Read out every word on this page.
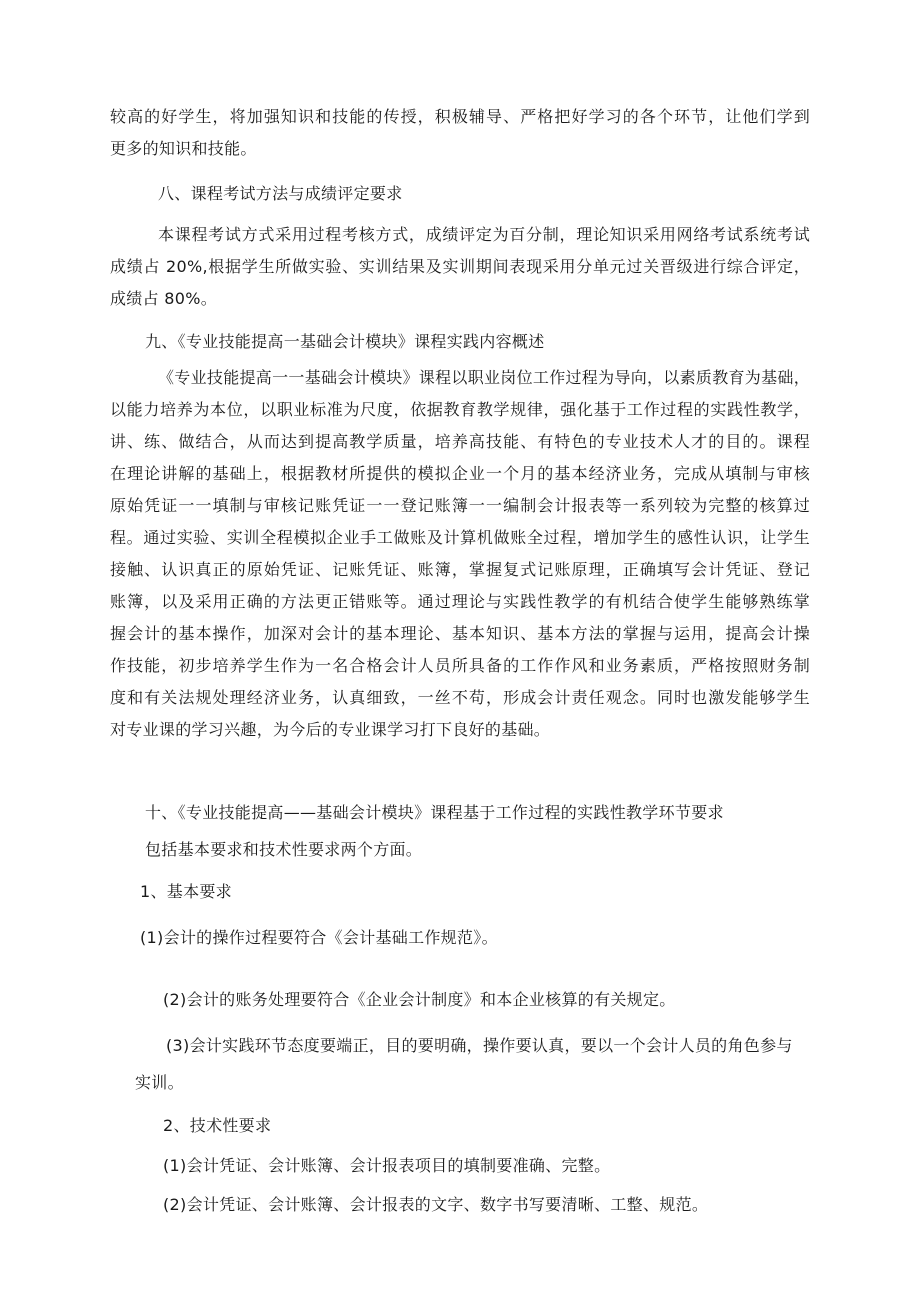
较高的好学生，将加强知识和技能的传授，积极辅导、严格把好学习的各个环节，让他们学到
更多的知识和技能。
八、课程考试方法与成绩评定要求
本课程考试方式采用过程考核方式，成绩评定为百分制，理论知识采用网络考试系统考试
成绩占 20%,根据学生所做实验、实训结果及实训期间表现采用分单元过关晋级进行综合评定，
成绩占 80%。
九、《专业技能提高一基础会计模块》课程实践内容概述
《专业技能提高一一基础会计模块》课程以职业岗位工作过程为导向，以素质教育为基础，
以能力培养为本位，以职业标准为尺度，依据教育教学规律，强化基于工作过程的实践性教学，
讲、练、做结合，从而达到提高教学质量，培养高技能、有特色的专业技术人才的目的。课程
在理论讲解的基础上，根据教材所提供的模拟企业一个月的基本经济业务，完成从填制与审核
原始凭证一一填制与审核记账凭证一一登记账簿一一编制会计报表等一系列较为完整的核算过
程。通过实验、实训全程模拟企业手工做账及计算机做账全过程，增加学生的感性认识，让学生
接触、认识真正的原始凭证、记账凭证、账簿，掌握复式记账原理，正确填写会计凭证、登记
账簿，以及采用正确的方法更正错账等。通过理论与实践性教学的有机结合使学生能够熟练掌
握会计的基本操作，加深对会计的基本理论、基本知识、基本方法的掌握与运用，提高会计操
作技能，初步培养学生作为一名合格会计人员所具备的工作作风和业务素质，严格按照财务制
度和有关法规处理经济业务，认真细致，一丝不苟，形成会计责任观念。同时也激发能够学生
对专业课的学习兴趣，为今后的专业课学习打下良好的基础。
十、《专业技能提高——基础会计模块》课程基于工作过程的实践性教学环节要求
包括基本要求和技术性要求两个方面。
1、基本要求
(1)会计的操作过程要符合《会计基础工作规范》。
(2)会计的账务处理要符合《企业会计制度》和本企业核算的有关规定。
(3)会计实践环节态度要端正，目的要明确，操作要认真，要以一个会计人员的角色参与
实训。
2、技术性要求
(1)会计凭证、会计账簿、会计报表项目的填制要准确、完整。
(2)会计凭证、会计账簿、会计报表的文字、数字书写要清晰、工整、规范。
